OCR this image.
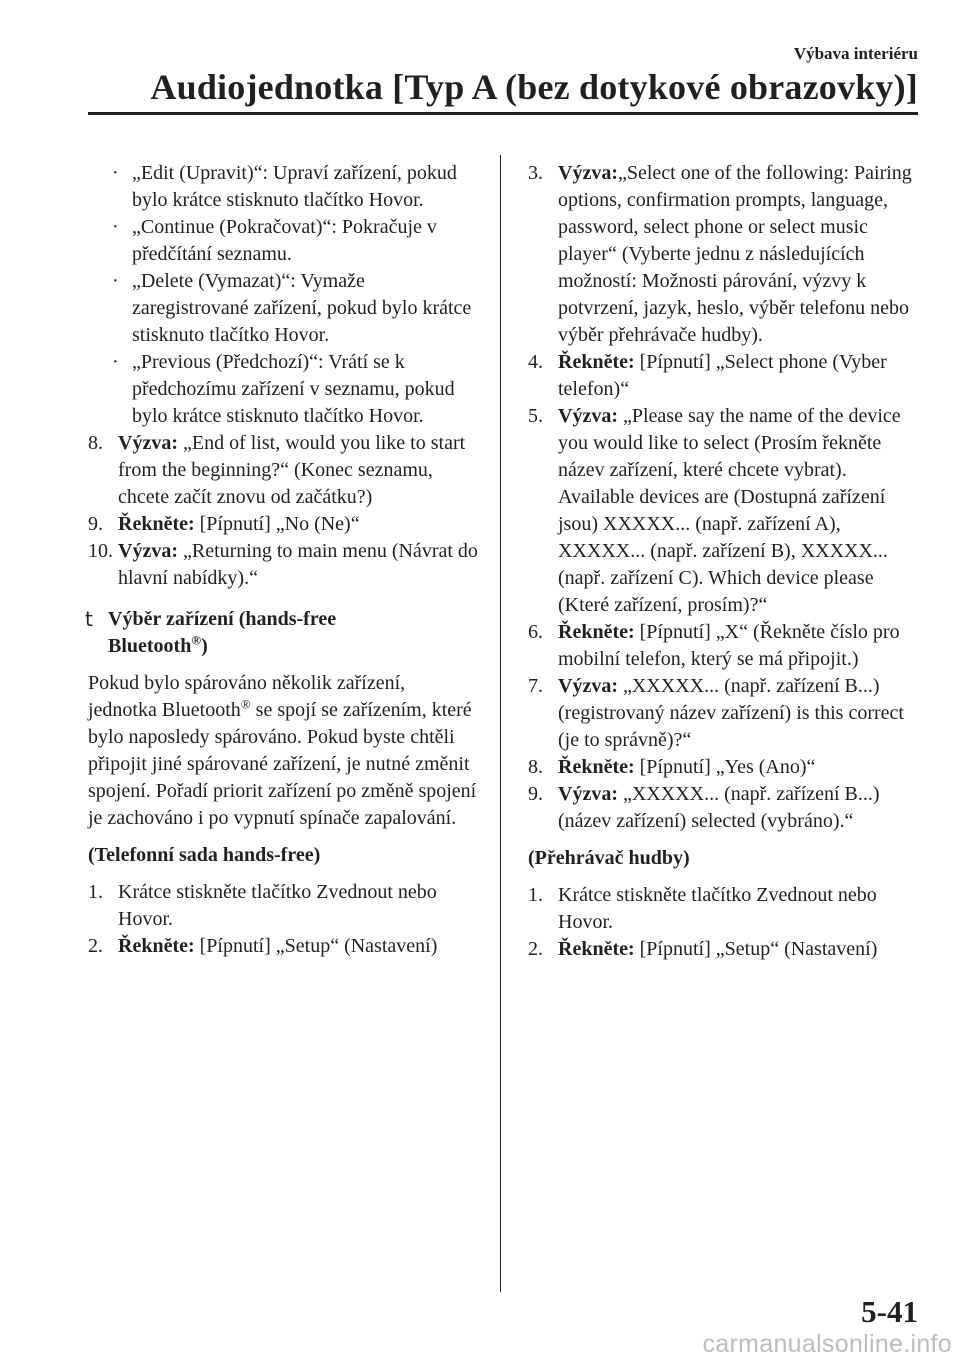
Výbava interiéru
Audiojednotka [Typ A (bez dotykové obrazovky)]
· „Edit (Upravit)“: Upraví zařízení, pokud bylo krátce stisknuto tlačítko Hovor.
· „Continue (Pokračovat)“: Pokračuje v předčítání seznamu.
· „Delete (Vymazat)“: Vymaže zaregistrované zařízení, pokud bylo krátce stisknuto tlačítko Hovor.
· „Previous (Předchozí)“: Vrátí se k předchozímu zařízení v seznamu, pokud bylo krátce stisknuto tlačítko Hovor.
8. Výzva: „End of list, would you like to start from the beginning?“ (Konec seznamu, chcete začít znovu od začátku?)
9. Řekněte: [Pípnutí] „No (Ne)“
10. Výzva: „Returning to main menu (Návrat do hlavní nabídky).“
t Výběr zařízení (hands-free
Bluetooth®)
Pokud bylo spárováno několik zařízení, jednotka Bluetooth® se spojí se zařízením, které bylo naposledy spárováno. Pokud byste chtěli připojit jiné spárované zařízení, je nutné změnit spojení. Pořadí priorit zařízení po změně spojení je zachováno i po vypnutí spínače zapalování.
(Telefonní sada hands-free)
1. Krátce stiskněte tlačítko Zvednout nebo Hovor.
2. Řekněte: [Pípnutí] „Setup“ (Nastavení)
3. Výzva:„Select one of the following: Pairing options, confirmation prompts, language, password, select phone or select music player“ (Vyberte jednu z následujících možností: Možnosti párování, výzvy k potvrzení, jazyk, heslo, výběr telefonu nebo výběr přehrávače hudby).
4. Řekněte: [Pípnutí] „Select phone (Vyber telefon)“
5. Výzva: „Please say the name of the device you would like to select (Prosím řekněte název zařízení, které chcete vybrat). Available devices are (Dostupná zařízení jsou) XXXXX... (např. zařízení A), XXXXX... (např. zařízení B), XXXXX... (např. zařízení C). Which device please (Které zařízení, prosím)?“
6. Řekněte: [Pípnutí] „X“ (Řekněte číslo pro mobilní telefon, který se má připojit.)
7. Výzva: „XXXXX... (např. zařízení B...) (registrovaný název zařízení) is this correct (je to správně)?“
8. Řekněte: [Pípnutí] „Yes (Ano)“
9. Výzva: „XXXXX... (např. zařízení B...) (název zařízení) selected (vybráno).“
(Přehrávač hudby)
1. Krátce stiskněte tlačítko Zvednout nebo Hovor.
2. Řekněte: [Pípnutí] „Setup“ (Nastavení)
5-41
carmanualsonline.info
